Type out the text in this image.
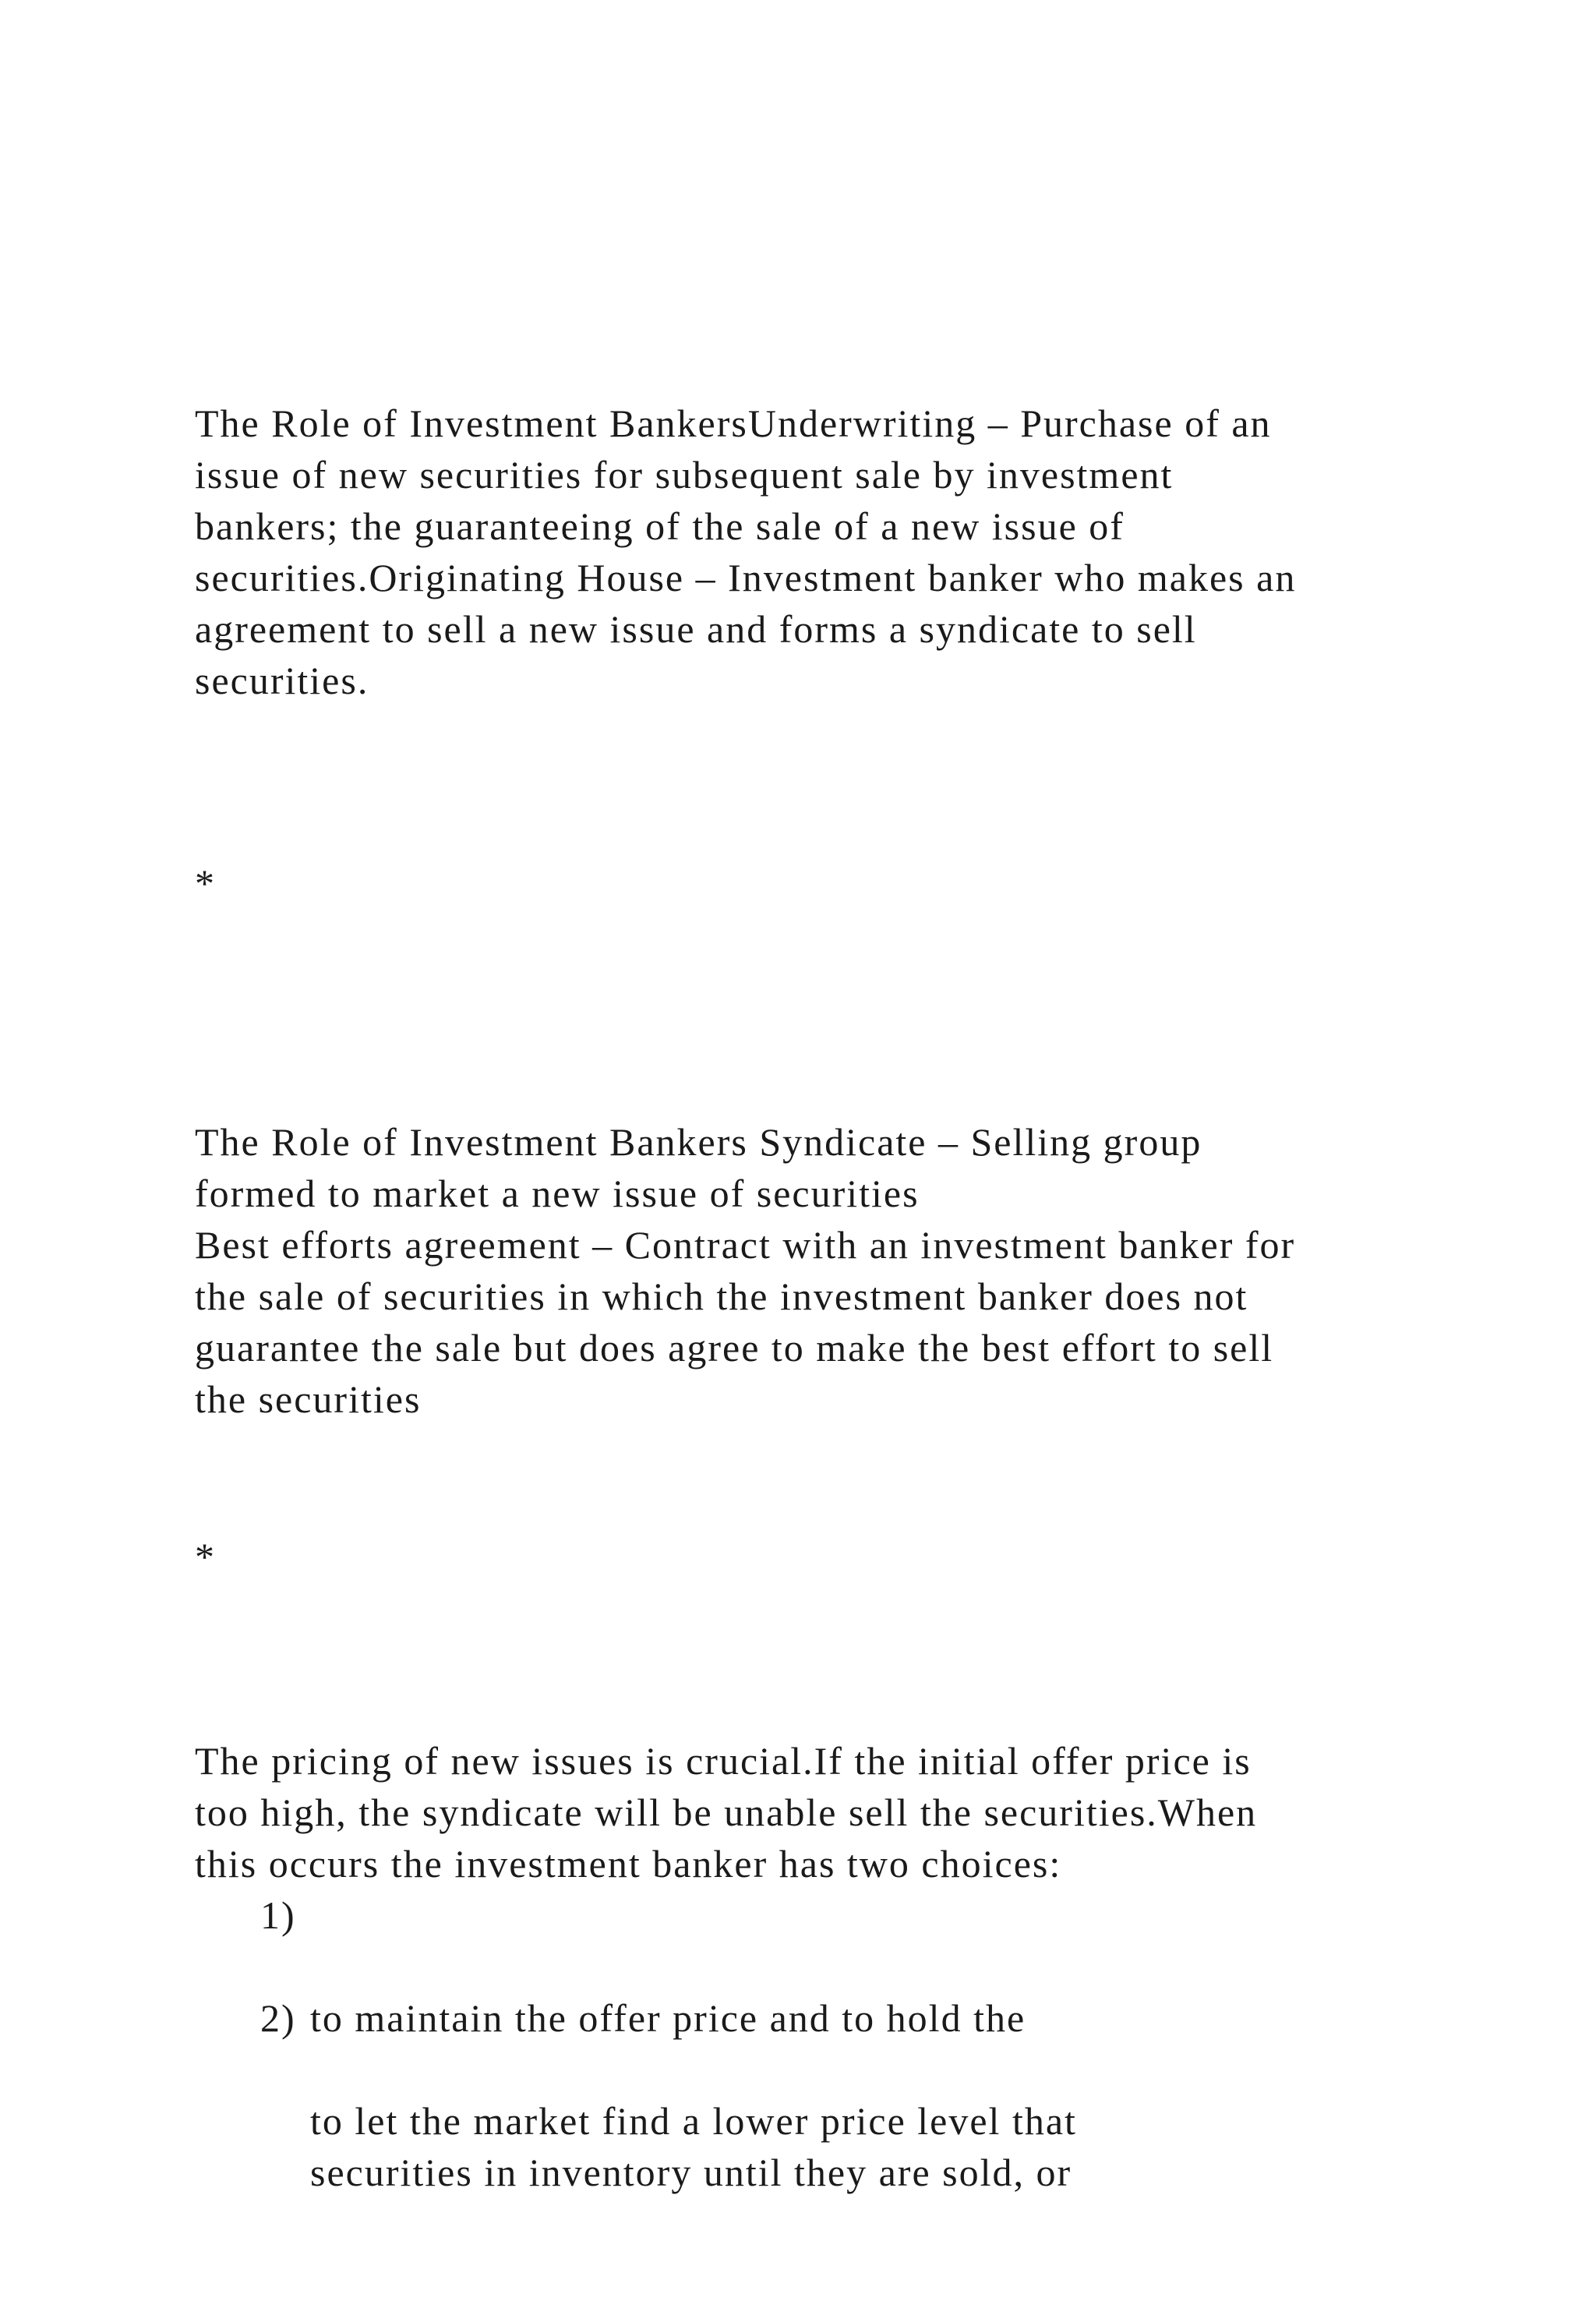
The Role of Investment BankersUnderwriting – Purchase of an
issue of new securities for subsequent sale by investment
bankers; the guaranteeing of the sale of a new issue of
securities.Originating House – Investment banker who makes an
agreement to sell a new issue and forms a syndicate to sell
securities.
*
The Role of Investment Bankers Syndicate – Selling group
formed to market a new issue of securities
Best efforts agreement – Contract with an investment banker for
the sale of securities in which the investment banker does not
guarantee the sale but does agree to make the best effort to sell
the securities
*
The pricing of new issues is crucial.If the initial offer price is
too high, the syndicate will be unable sell the securities.When
this occurs the investment banker has two choices:
1)

to maintain the offer price and to hold the

securities in inventory until they are sold, or

2)

to let the market find a lower price level that
